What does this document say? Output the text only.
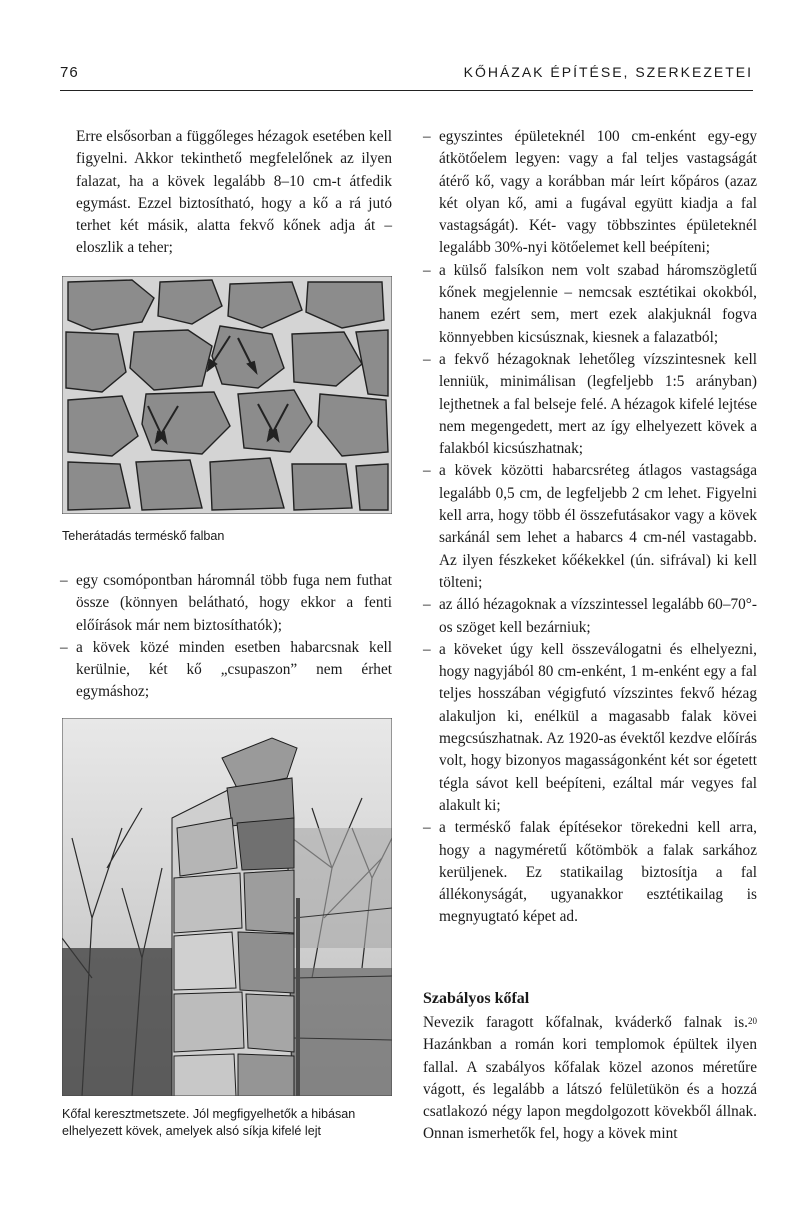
76	KŐHÁZAK ÉPÍTÉSE, SZERKEZETEI
Erre elsősorban a függőleges hézagok esetében kell figyelni. Akkor tekinthető megfelelőnek az ilyen falazat, ha a kövek legalább 8–10 cm-t átfedik egymást. Ezzel biztosítható, hogy a kő a rá jutó terhet két másik, alatta fekvő kőnek adja át – eloszlik a teher;
Teherátadás terméskő falban
– egy csomópontban háromnál több fuga nem futhat össze (könnyen belátható, hogy ekkor a fenti előírások már nem biztosíthatók);
– a kövek közé minden esetben habarcsnak kell kerülnie, két kő „csupaszon” nem érhet egymáshoz;
Kőfal keresztmetszete. Jól megfigyelhetők a hibásan elhelyezett kövek, amelyek alsó síkja kifelé lejt
– egyszintes épületeknél 100 cm-enként egy-egy átkötőelem legyen: vagy a fal teljes vastagságát átérő kő, vagy a korábban már leírt kőpáros (azaz két olyan kő, ami a fugával együtt kiadja a fal vastagságát). Két- vagy többszintes épületeknél legalább 30%-nyi kötőelemet kell beépíteni;
– a külső falsíkon nem volt szabad háromszögletű kőnek megjelennie – nemcsak esztétikai okokból, hanem ezért sem, mert ezek alakjuknál fogva könnyebben kicsúsznak, kiesnek a falazatból;
– a fekvő hézagoknak lehetőleg vízszintesnek kell lenniük, minimálisan (legfeljebb 1:5 arányban) lejthetnek a fal belseje felé. A hézagok kifelé lejtése nem megengedett, mert az így elhelyezett kövek a falakból kicsúszhatnak;
– a kövek közötti habarcsréteg átlagos vastagsága legalább 0,5 cm, de legfeljebb 2 cm lehet. Figyelni kell arra, hogy több él összefutásakor vagy a kövek sarkánál sem lehet a habarcs 4 cm-nél vastagabb. Az ilyen fészkeket kőékekkel (ún. sifrával) ki kell tölteni;
– az álló hézagoknak a vízszintessel legalább 60–70°-os szöget kell bezárniuk;
– a köveket úgy kell összeválogatni és elhelyezni, hogy nagyjából 80 cm-enként, 1 m-enként egy a fal teljes hosszában végigfutó vízszintes fekvő hézag alakuljon ki, enélkül a magasabb falak kövei megcsúszhatnak. Az 1920-as évektől kezdve előírás volt, hogy bizonyos magasságonként két sor égetett tégla sávot kell beépíteni, ezáltal már vegyes fal alakult ki;
– a terméskő falak építésekor törekedni kell arra, hogy a nagyméretű kőtömbök a falak sarkához kerüljenek. Ez statikailag biztosítja a fal állékonyságát, ugyanakkor esztétikailag is megnyugtató képet ad.
Szabályos kőfal
Nevezik faragott kőfalnak, kváderkő falnak is.$^{20}$ Hazánkban a román kori templomok épültek ilyen fallal. A szabályos kőfalak közel azonos méretűre vágott, és legalább a látszó felületükön és a hozzá csatlakozó négy lapon megdolgozott kövekből állnak. Onnan ismerhetők fel, hogy a kövek mint
